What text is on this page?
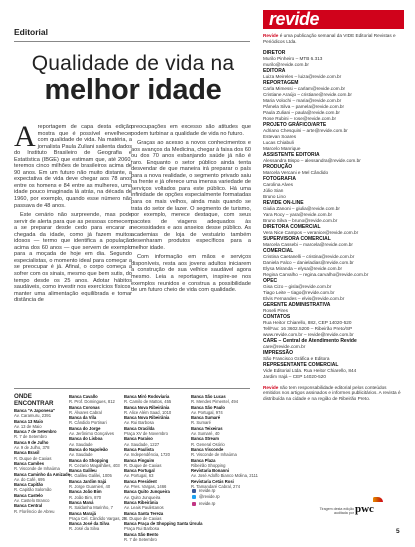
Editorial
Qualidade de vida na
melhor idade

Areportagem de capa desta edição mostra que é possível envelhecer com qualidade de vida. Na matéria, a jornalista Paula Zuliani salienta dados do Instituto Brasileiro de Geografia e Estatística (IBGE) que estimam que, até 2060, teremos cinco milhões de brasileiros acima de 90 anos. Em um futuro não muito distante, a expectativa de vida deve chegar aos 78 anos entre os homens e 84 entre as mulheres, uma idade pouco imaginada lá atrás, na década de 1960, por exemplo, quando esse número não passava de 48 anos.

Este cenário não surpreende, mas pode servir de alerta para que as pessoas comecem a se preparar desde cedo para encarar a chegada da idade, como já fazem muitos idosos — termo que identifica a população acima dos 60 anos — que servem de exemplo para a moçada de hoje em dia. Segundo especialistas, o momento ideal para começar a se preocupar é já. Afinal, o corpo começa a sofrer com os sinais, mesmo que bem sutis, do tempo desde os 25 anos. Adotar hábitos saudáveis, como investir nos exercícios físicos, manter uma alimentação equilibrada e tomar distância de

preocupações em excesso são atitudes que podem turbinar a qualidade de vida no futuro.

Graças ao acesso a novos conhecimentos e aos avanços da Medicina, chegar à faixa dos 60 ou dos 70 anos esbanjando saúde já não é raro. Enquanto o setor público ainda tenta desvendar de que maneira irá preparar o país para a nova realidade, o segmento privado saiu na frente e já oferece uma imensa variedade de serviços voltados para este público. Há uma infinidade de opções especialmente formatadas para os mais velhos, ainda mais quando se trata do setor de lazer. O segmento de turismo, por exemplo, merece destaque, com seus pacotes de viagens adequados às necessidades e aos anseios desse público. As academias de loja de vestuário também desenharam produtos específicos para a melhor idade.

Com informação em mãos e serviços disponíveis, resta aos jovens adultos iniciarem a construção de sua velhice saudável agora mesmo. Leia a reportagem, inspire-se nos exemplos reunidos e construa a possibilidade de um futuro cheio de vida com qualidade.

ONDE
ENCONTRAR
Banca "A Japonesa"
Av. Caramuru, 2391
Banca 13 Maio
Av. 13 de Maio
Banca 7 de Setembro
R. 7 de Setembro
Banca 9 de Julho
Av. 9 de Julho, 378
Banca Brasil
R. Duque de Caxias
Banca Camões
R. Visconde de Inhaúma
Banca Caminho da Amizade
Av. do Café, 695
Banca Capitão
R. Capitão Salomão
Banca Castelo
Av. Castelo Branco
Banca Central
R. Florêncio de Abreu
Banca Cavallo
R. Prof. Domingues, 812
Banca Coronas
R. Álvares Cabral
Banca da Vila
R. Cândido Portinari
Banca do Jorge
Av. Jerônimo Gonçalves
Banca do Lisboa
Av. Saudade
Banca do Napoleão
Av. Saudade
Banca do Shopping
R. Cezario Magalhães, 403
Banca Galileu
R. Galileu Galilei, 1005
Banca Jardim Irajá
R. Jorge Guarnieri, 40
Banca João Bim
R. João Bim, 870
Banca Maná
R. Saldanha Marinho, 7
Banca Marajá
Praça Cel. Cândido Vargas, 25
Banca José da Silva
R. José da Silva
Banca Miró Rodovíaria
R. Camilo de Mattos, 455
Banca Nova Ribeirânia
R. Alice Além Saad, 1010
Banca Nova Ribeirânia
Av. Rui Barbosa
Banca Oracilda
Praça XV de Novembro
Banca Paraíso
Av. Saudade, 1227
Banca Paulista
Av. Independência, 1720
Banca Pinguim
R. Duque de Caxias
Banca Portugal
Av. Portugal, 63
Banca President
Av. Pres. Vargas, 1466
Banca Quito Junqueira
Av. Quito Junqueira
Banca Ribeirânia
Av. Leais Paulistanos
Banca Santa Tereza
R. Duque de Caxias
Banca Praça de Shopping Santa Úrsula
Praça Rui Barbosa
Banca São Bento
R. 7 de Setembro
Banca São Lucas
R. Mendes Pimentel, 494
Banca São Paulo
Av. Portugal, 974
Banca Sumaré
R. Sumaré
Banca Teixeiras
Av. Sumaré, 40
Banca Stream
R. General Osório
Banca Visconde
R. Visconde de Inhaúma
Banca Plaza
Ribeirão Shopping
Revistaria Bonanni
Av. José Adolfo Bianco Molina, 2111
Revistaria Cetás Rosi
R. Tamandaré Cabral, 274
revide.rp
@revide.rp
revide.rp
revide
Revide é uma publicação semanal da VIDE Editorial Revistas e Periódicos Ltda.
DIRETOR
Murilo Pinheiro – MTB 6.313
murilo@revide.com.br
EDITORA
Luiza Meireles – luiza@revide.com.br
REPORTAGEM
Carla Mimessi – carlam@revide.com.br
Cristiane Araújo – cristiane@revide.com.br
Maria Volochi – maria@revide.com.br
Pâmela Silva – pamela@revide.com.br
Paula Zuliani – paula@revide.com.br
Rose Rubini – rose@revide.com.br
PROJETO GRÁFICO/ARTE
Adriano Chesquini – arte@revide.com.br
Estevan Soares
Lucas Chiabuli
Marcelo Manrique
ASSISTENTE EDITORIA
Alessandra Bispo – alessandra@revide.com.br
PRODUÇÃO
Marcela Vercani e Mel Cândido
FOTOGRAFIA
Carolina Alves
Júlio Sian
Bruno Lino
REVIDE ON-LINE
Giulia Zanoni – giulia@revide.com.br
Yara Rocy – yara@revide.com.br
Bruno Silva – bruno@revide.com.br
DIRETORA COMERCIAL
Vera Nice Campos – veranice@revide.com.br
SUPERVISORA COMERCIAL
Marcela Cassebi – marcela@revide.com.br
COMERCIAL
Cristina Caetanelli – cristina@revide.com.br
Daniela Falco – danieladias@revide.com.br
Elysa Miranda – elysa@revide.com.br
Regina Carvalho – regina.carvalho@revide.com.br
OPEC
Gisa Cizo – gisla@revide.com.br
Tiago Leite – tiago@revide.com.br
Elvis Fernandes – elvis@revide.com.br
GERENTE ADMINISTRATIVA
Roseli Pires
CONTATOS
Rua Heitor Chiarello, 882, CEP 14020-520
Tel/Fax: 16 3602.5200 – Ribeirão Preto/SP
www.revide.com.br – revide@revide.com.br
CARE – Central de Atendimento Revide
care@revide.com.br
IMPRESSÃO
São Francisco Gráfica e Editora
REPRESENTANTE COMERCIAL
Vide Editorial Ltda. Rua Heitor Chiarello, 844
Jardim Irajá – CEP 14020-520
Revide não tem responsabilidade editorial pelos conteúdos emitidos nos artigos assinados e informes publicitários. A revista é distribuída na cidade e na região de Ribeirão Preto.
Tiragem desta edição auditada por pwc
5
